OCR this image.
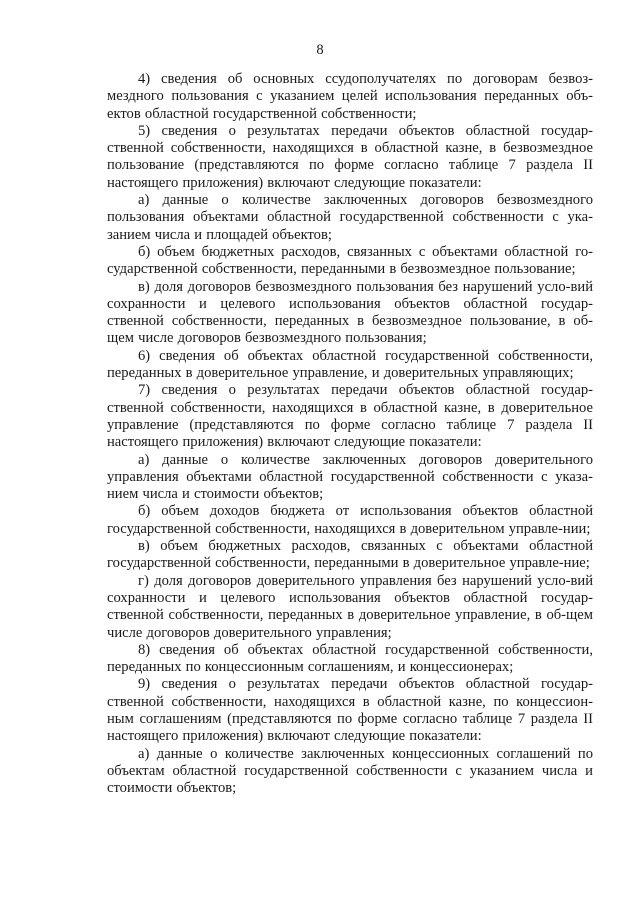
8

4) сведения об основных ссудополучателях по договорам безвоз-мездного пользования с указанием целей использования переданных объ-ектов областной государственной собственности;

5) сведения о результатах передачи объектов областной государ-ственной собственности, находящихся в областной казне, в безвозмездное пользование (представляются по форме согласно таблице 7 раздела II настоящего приложения) включают следующие показатели:

а) данные о количестве заключенных договоров безвозмездного пользования объектами областной государственной собственности с ука-занием числа и площадей объектов;

б) объем бюджетных расходов, связанных с объектами областной го-сударственной собственности, переданными в безвозмездное пользование;

в) доля договоров безвозмездного пользования без нарушений усло-вий сохранности и целевого использования объектов областной государ-ственной собственности, переданных в безвозмездное пользование, в об-щем числе договоров безвозмездного пользования;

6) сведения об объектах областной государственной собственности, переданных в доверительное управление, и доверительных управляющих;

7) сведения о результатах передачи объектов областной государ-ственной собственности, находящихся в областной казне, в доверительное управление (представляются по форме согласно таблице 7 раздела II настоящего приложения) включают следующие показатели:

а) данные о количестве заключенных договоров доверительного управления объектами областной государственной собственности с указа-нием числа и стоимости объектов;

б) объем доходов бюджета от использования объектов областной государственной собственности, находящихся в доверительном управле-нии;

в) объем бюджетных расходов, связанных с объектами областной государственной собственности, переданными в доверительное управле-ние;

г) доля договоров доверительного управления без нарушений усло-вий сохранности и целевого использования объектов областной государ-ственной собственности, переданных в доверительное управление, в об-щем числе договоров доверительного управления;

8) сведения об объектах областной государственной собственности, переданных по концессионным соглашениям, и концессионерах;

9) сведения о результатах передачи объектов областной государ-ственной собственности, находящихся в областной казне, по концессион-ным соглашениям (представляются по форме согласно таблице 7 раздела II настоящего приложения) включают следующие показатели:

а) данные о количестве заключенных концессионных соглашений по объектам областной государственной собственности с указанием числа и стоимости объектов;
